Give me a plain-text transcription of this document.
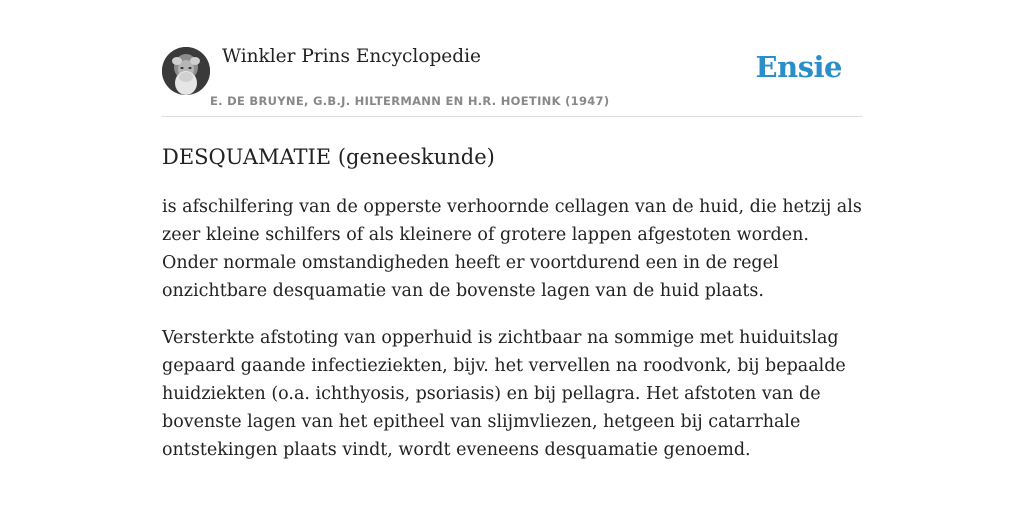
Winkler Prins Encyclopedie
E. DE BRUYNE, G.B.J. HILTERMANN EN H.R. HOETINK (1947)
Ensie
DESQUAMATIE (geneeskunde)

is afschilfering van de opperste verhoornde cellagen van de huid, die hetzij als zeer kleine schilfers of als kleinere of grotere lappen afgestoten worden. Onder normale omstandigheden heeft er voortdurend een in de regel onzichtbare desquamatie van de bovenste lagen van de huid plaats.

Versterkte afstoting van opperhuid is zichtbaar na sommige met huiduitslag gepaard gaande infectieziekten, bijv. het vervellen na roodvonk, bij bepaalde huidziekten (o.a. ichthyosis, psoriasis) en bij pellagra. Het afstoten van de bovenste lagen van het epitheel van slijmvliezen, hetgeen bij catarrhale ontstekingen plaats vindt, wordt eveneens desquamatie genoemd.
